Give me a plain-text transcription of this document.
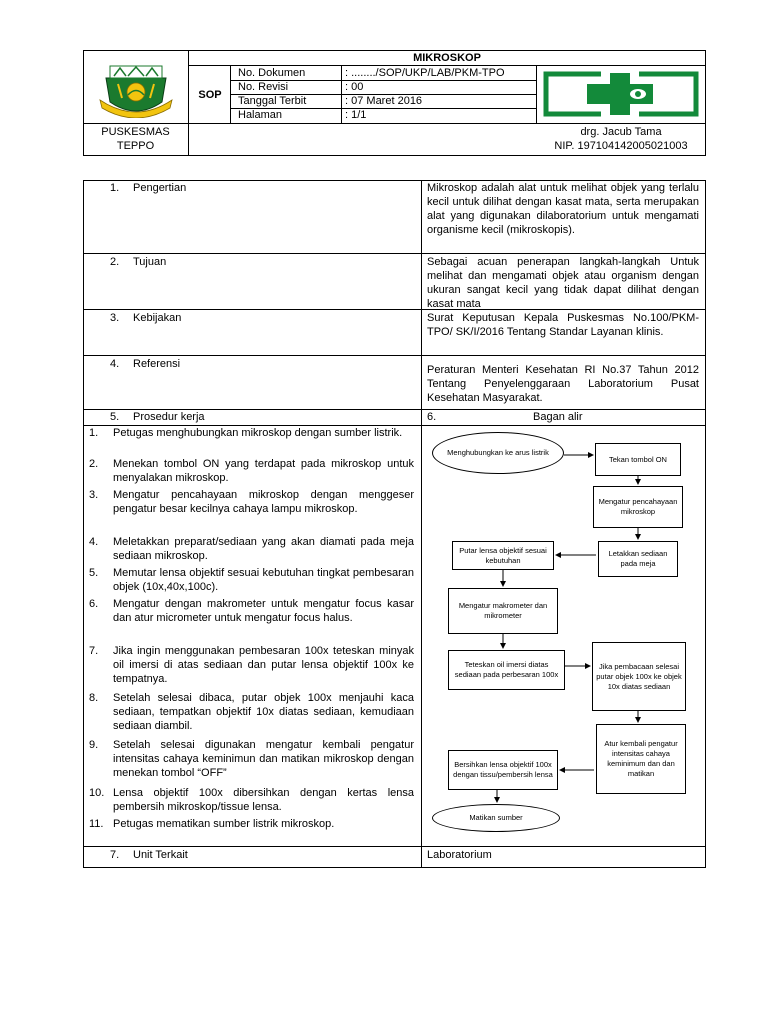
MIKROSKOP
SOP
No. Dokumen	: ......../SOP/UKP/LAB/PKM-TPO
No. Revisi	: 00
Tanggal Terbit	: 07 Maret 2016
Halaman	: 1/1
PUSKESMAS
TEPPO
drg. Jacub Tama
NIP. 197104142005021003
1. Pengertian	Mikroskop adalah alat untuk melihat objek yang terlalu kecil untuk dilihat dengan kasat mata, serta merupakan alat yang digunakan dilaboratorium untuk mengamati organisme kecil (mikroskopis).
2. Tujuan	Sebagai acuan penerapan langkah-langkah Untuk melihat dan mengamati objek atau organism dengan ukuran sangat kecil yang tidak dapat dilihat dengan kasat mata
3. Kebijakan	Surat Keputusan Kepala Puskesmas No.100/PKM-TPO/ SK/I/2016 Tentang Standar Layanan klinis.
4. Referensi	Peraturan Menteri Kesehatan RI No.37 Tahun 2012 Tentang Penyelenggaraan Laboratorium Pusat Kesehatan Masyarakat.
5. Prosedur kerja	6.	Bagan alir
1. Petugas menghubungkan mikroskop dengan sumber listrik.
2. Menekan tombol ON yang terdapat pada mikroskop untuk menyalakan mikroskop.
3. Mengatur pencahayaan mikroskop dengan menggeser pengatur besar kecilnya cahaya lampu mikroskop.
4. Meletakkan preparat/sediaan yang akan diamati pada meja sediaan mikroskop.
5. Memutar lensa objektif sesuai kebutuhan tingkat pembesaran objek (10x,40x,100c).
6. Mengatur dengan makrometer untuk mengatur focus kasar dan atur micrometer untuk mengatur focus halus.
7. Jika ingin menggunakan pembesaran 100x teteskan minyak oil imersi di atas sediaan dan putar lensa objektif 100x ke tempatnya.
8. Setelah selesai dibaca, putar objek 100x menjauhi kaca sediaan, tempatkan objektif 10x diatas sediaan, kemudiaan sediaan diambil.
9. Setelah selesai digunakan mengatur kembali pengatur intensitas cahaya keminimun dan matikan mikroskop dengan menekan tombol “OFF”
10. Lensa objektif 100x dibersihkan dengan kertas lensa pembersih mikroskop/tissue lensa.
11. Petugas mematikan sumber listrik mikroskop.
Menghubungkan ke arus listrik
Tekan tombol ON
Mengatur pencahayaan mikroskop
Letakkan sediaan pada meja
Putar lensa objektif sesuai kebutuhan
Mengatur makrometer dan mikrometer
Teteskan oil imersi diatas sediaan pada perbesaran 100x
Jika pembacaan selesai putar objek 100x ke objek 10x diatas sediaan
Atur kembali pengatur intensitas cahaya keminimum dan dan matikan
Bersihkan lensa objektif 100x dengan tissu/pembersih lensa
Matikan sumber
7. Unit Terkait	Laboratorium
